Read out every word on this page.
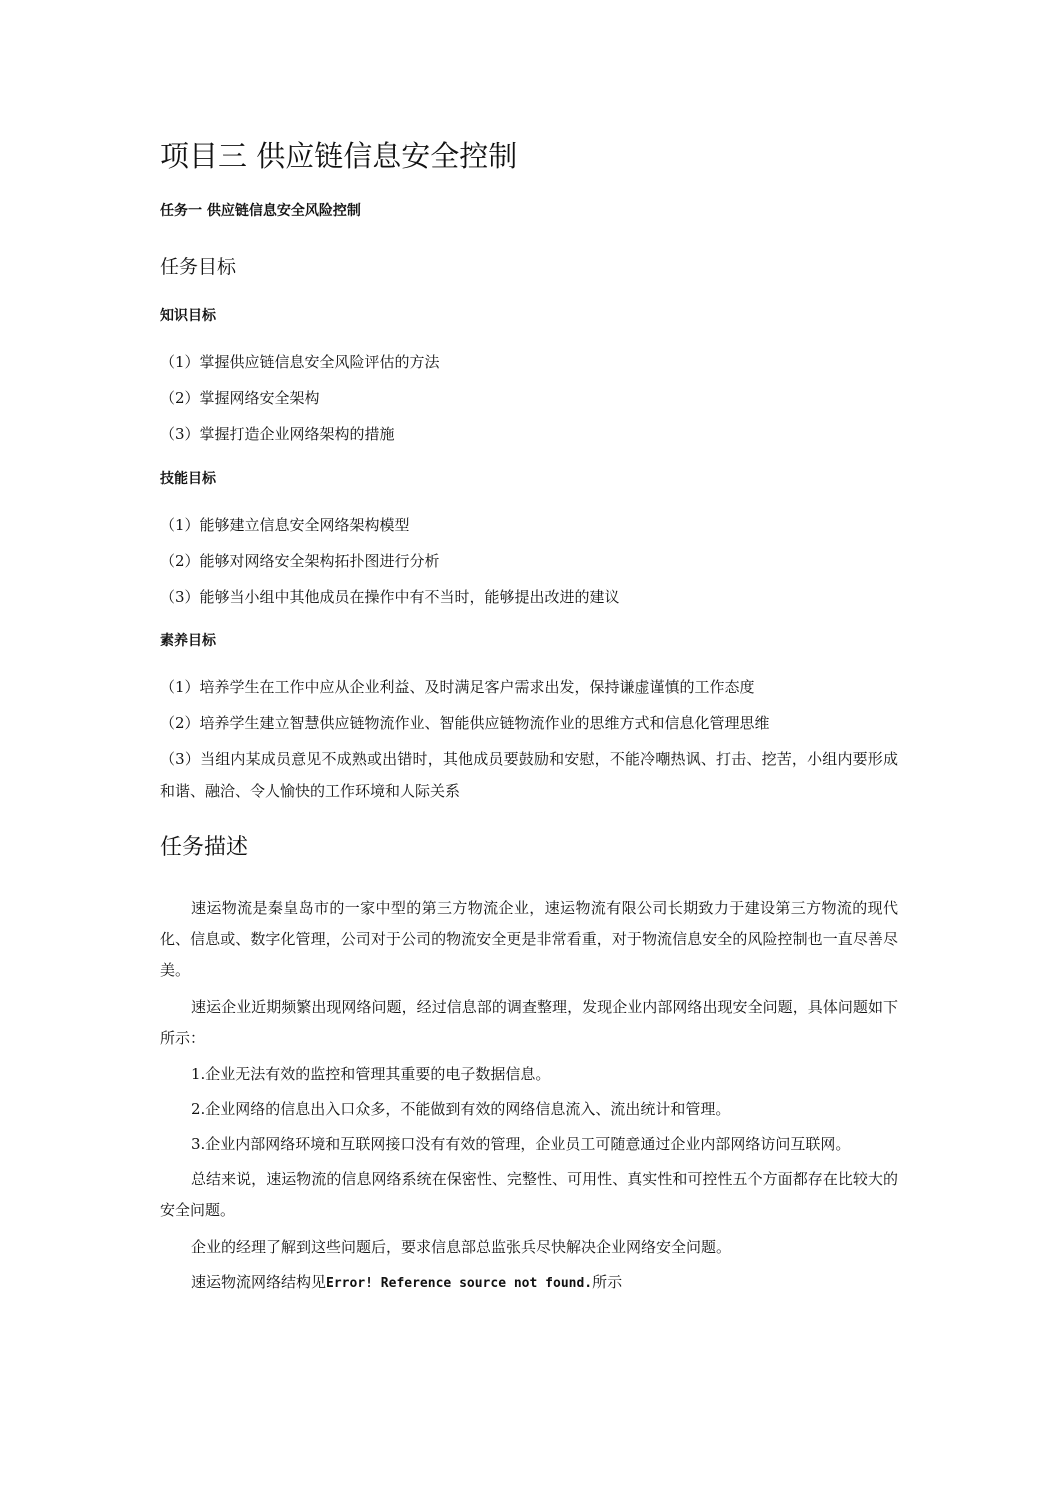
项目三 供应链信息安全控制
任务一 供应链信息安全风险控制
任务目标
知识目标
（1）掌握供应链信息安全风险评估的方法
（2）掌握网络安全架构
（3）掌握打造企业网络架构的措施
技能目标
（1）能够建立信息安全网络架构模型
（2）能够对网络安全架构拓扑图进行分析
（3）能够当小组中其他成员在操作中有不当时，能够提出改进的建议
素养目标
（1）培养学生在工作中应从企业利益、及时满足客户需求出发，保持谦虚谨慎的工作态度
（2）培养学生建立智慧供应链物流作业、智能供应链物流作业的思维方式和信息化管理思维
（3）当组内某成员意见不成熟或出错时，其他成员要鼓励和安慰，不能冷嘲热讽、打击、挖苦，小组内要形成和谐、融洽、令人愉快的工作环境和人际关系
任务描述
速运物流是秦皇岛市的一家中型的第三方物流企业，速运物流有限公司长期致力于建设第三方物流的现代化、信息或、数字化管理，公司对于公司的物流安全更是非常看重，对于物流信息安全的风险控制也一直尽善尽美。
速运企业近期频繁出现网络问题，经过信息部的调查整理，发现企业内部网络出现安全问题，具体问题如下所示：
1.企业无法有效的监控和管理其重要的电子数据信息。
2.企业网络的信息出入口众多，不能做到有效的网络信息流入、流出统计和管理。
3.企业内部网络环境和互联网接口没有有效的管理，企业员工可随意通过企业内部网络访问互联网。
总结来说，速运物流的信息网络系统在保密性、完整性、可用性、真实性和可控性五个方面都存在比较大的安全问题。
企业的经理了解到这些问题后，要求信息部总监张兵尽快解决企业网络安全问题。
速运物流网络结构见Error! Reference source not found.所示
